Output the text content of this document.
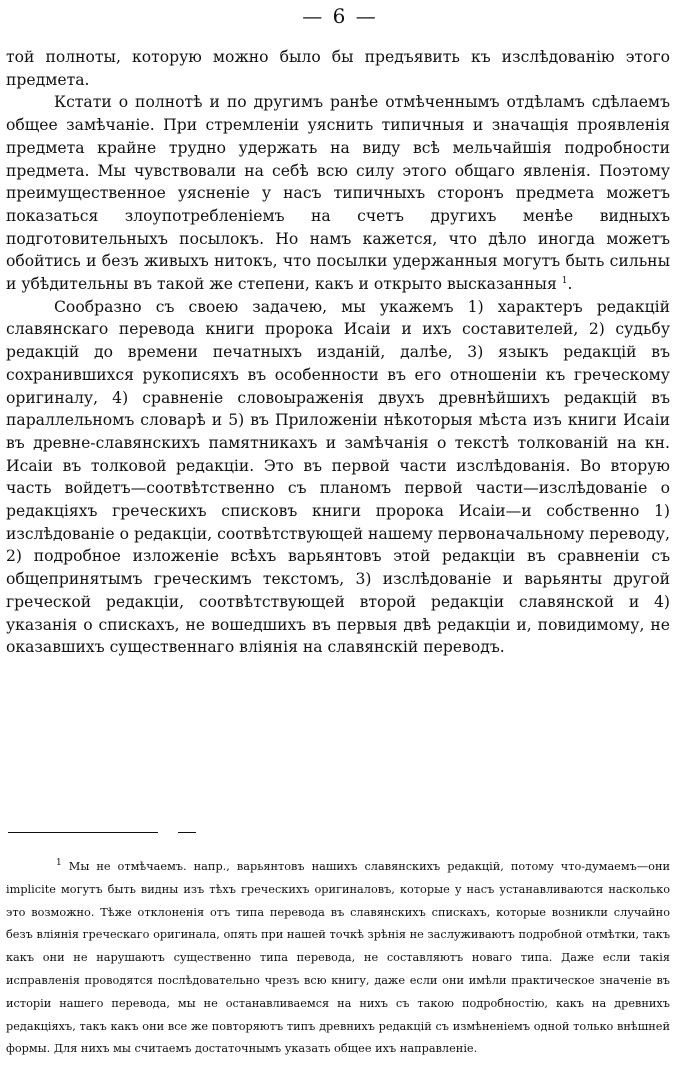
— 6 —

той полноты, которую можно было бы предъявить къ изслѣдованію этого предмета.

Кстати о полнотѣ и по другимъ ранѣе отмѣченнымъ отдѣламъ сдѣлаемъ общее замѣчаніе. При стремленіи уяснить типичныя и значащія проявленія предмета крайне трудно удержать на виду всѣ мельчайшія подробности предмета. Мы чувствовали на себѣ всю силу этого общаго явленія. Поэтому преимущественное уясненіе у насъ типичныхъ сторонъ предмета можетъ показаться злоупотребленіемъ на счетъ другихъ менѣе видныхъ подготовительныхъ посылокъ. Но намъ кажется, что дѣло иногда можетъ обойтись и безъ живыхъ нитокъ, что посылки удержанныя могутъ быть сильны и убѣдительны въ такой же степени, какъ и открыто высказанныя $^1$.

Сообразно съ своею задачею, мы укажемъ 1) характеръ редакцій славянскаго перевода книги пророка Исаіи и ихъ составителей, 2) судьбу редакцій до времени печатныхъ изданій, далѣе, 3) языкъ редакцій въ сохранившихся рукописяхъ въ особенности въ его отношеніи къ греческому оригиналу, 4) сравненіе словоыраженія двухъ древнѣйшихъ редакцій въ параллельномъ словарѣ и 5) въ Приложеніи нѣкоторыя мѣста изъ книги Исаіи въ древне-славянскихъ памятникахъ и замѣчанія о текстѣ толкованій на кн. Исаіи въ толковой редакціи. Это въ первой части изслѣдованія. Во вторую часть войдетъ—соотвѣтственно съ планомъ первой части—изслѣдованіе о редакціяхъ греческихъ списковъ книги пророка Исаіи—и собственно 1) изслѣдованіе о редакціи, соотвѣтствующей нашему первоначальному переводу, 2) подробное изложеніе всѣхъ варьянтовъ этой редакціи въ сравненіи съ общепринятымъ греческимъ текстомъ, 3) изслѣдованіе и варьянты другой греческой редакціи, соотвѣтствующей второй редакціи славянской и 4) указанія о спискахъ, не вошедшихъ въ первыя двѣ редакціи и, повидимому, не оказавшихъ существеннаго вліянія на славянскій переводъ.

$^1$ Мы не отмѣчаемъ. напр., варьянтовъ нашихъ славянскихъ редакцій, потому что-думаемъ—они implicite могутъ быть видны изъ тѣхъ греческихъ оригиналовъ, которые у насъ устанавливаются насколько это возможно. Тѣже отклоненія отъ типа перевода въ славянскихъ спискахъ, которые возникли случайно безъ вліянія греческаго оригинала, опять при нашей точкѣ зрѣнія не заслуживаютъ подробной отмѣтки, такъ какъ они не нарушаютъ существенно типа перевода, не составляютъ новаго типа. Даже если такія исправленія проводятся послѣдовательно чрезъ всю книгу, даже если они имѣли практическое значеніе въ исторіи нашего перевода, мы не останавливаемся на нихъ съ такою подробностію, какъ на древнихъ редакціяхъ, такъ какъ они все же повторяютъ типъ древнихъ редакцій съ измѣненіемъ одной только внѣшней формы. Для нихъ мы считаемъ достаточнымъ указать общее ихъ направленіе.
